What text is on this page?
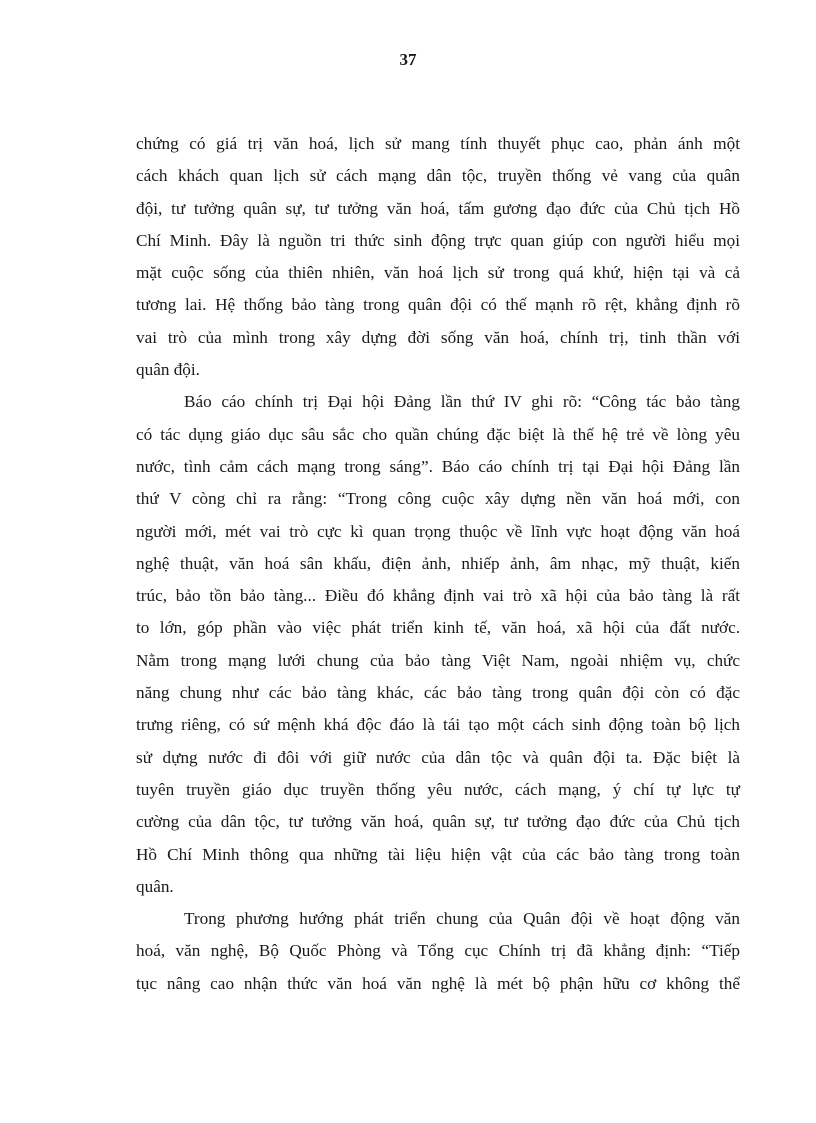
37
chứng có giá trị văn hoá, lịch sử mang tính thuyết phục cao, phản ánh một
cách khách quan lịch sử cách mạng dân tộc, truyền thống vẻ vang của quân
đội, tư tưởng quân sự, tư tưởng văn hoá, tấm gương đạo đức của Chủ tịch Hồ
Chí Minh. Đây là nguồn tri thức sinh động trực quan giúp con người hiểu mọi
mặt cuộc sống của thiên nhiên, văn hoá lịch sử trong quá khứ, hiện tại và cả
tương lai. Hệ thống bảo tàng trong quân đội có thế mạnh rõ rệt, khẳng định rõ
vai trò của mình trong xây dựng đời sống văn hoá, chính trị, tinh thần với
quân đội.
Báo cáo chính trị Đại hội Đảng lần thứ IV ghi rõ: “Công tác bảo tàng
có tác dụng giáo dục sâu sắc cho quần chúng đặc biệt là thế hệ trẻ về lòng yêu
nước, tình cảm cách mạng trong sáng”. Báo cáo chính trị tại Đại hội Đảng lần
thứ V còng chỉ ra rằng: “Trong công cuộc xây dựng nền văn hoá mới, con
người mới, mét vai trò cực kì quan trọng thuộc về lĩnh vực hoạt động văn hoá
nghệ thuật, văn hoá sân khấu, điện ảnh, nhiếp ảnh, âm nhạc, mỹ thuật, kiến
trúc, bảo tồn bảo tàng... Điều đó khẳng định vai trò xã hội của bảo tàng là rất
to lớn, góp phần vào việc phát triển kinh tế, văn hoá, xã hội của đất nước.
Nằm trong mạng lưới chung của bảo tàng Việt Nam, ngoài nhiệm vụ, chức
năng chung như các bảo tàng khác, các bảo tàng trong quân đội còn có đặc
trưng riêng, có sứ mệnh khá độc đáo là tái tạo một cách sinh động toàn bộ lịch
sử dựng nước đi đôi với giữ nước của dân tộc và quân đội ta. Đặc biệt là
tuyên truyền giáo dục truyền thống yêu nước, cách mạng, ý chí tự lực tự
cường của dân tộc, tư tưởng văn hoá, quân sự, tư tưởng đạo đức của Chủ tịch
Hồ Chí Minh thông qua những tài liệu hiện vật của các bảo tàng trong toàn
quân.
Trong phương hướng phát triển chung của Quân đội về hoạt động văn
hoá, văn nghệ, Bộ Quốc Phòng và Tổng cục Chính trị đã khẳng định: “Tiếp
tục nâng cao nhận thức văn hoá văn nghệ là mét bộ phận hữu cơ không thể
